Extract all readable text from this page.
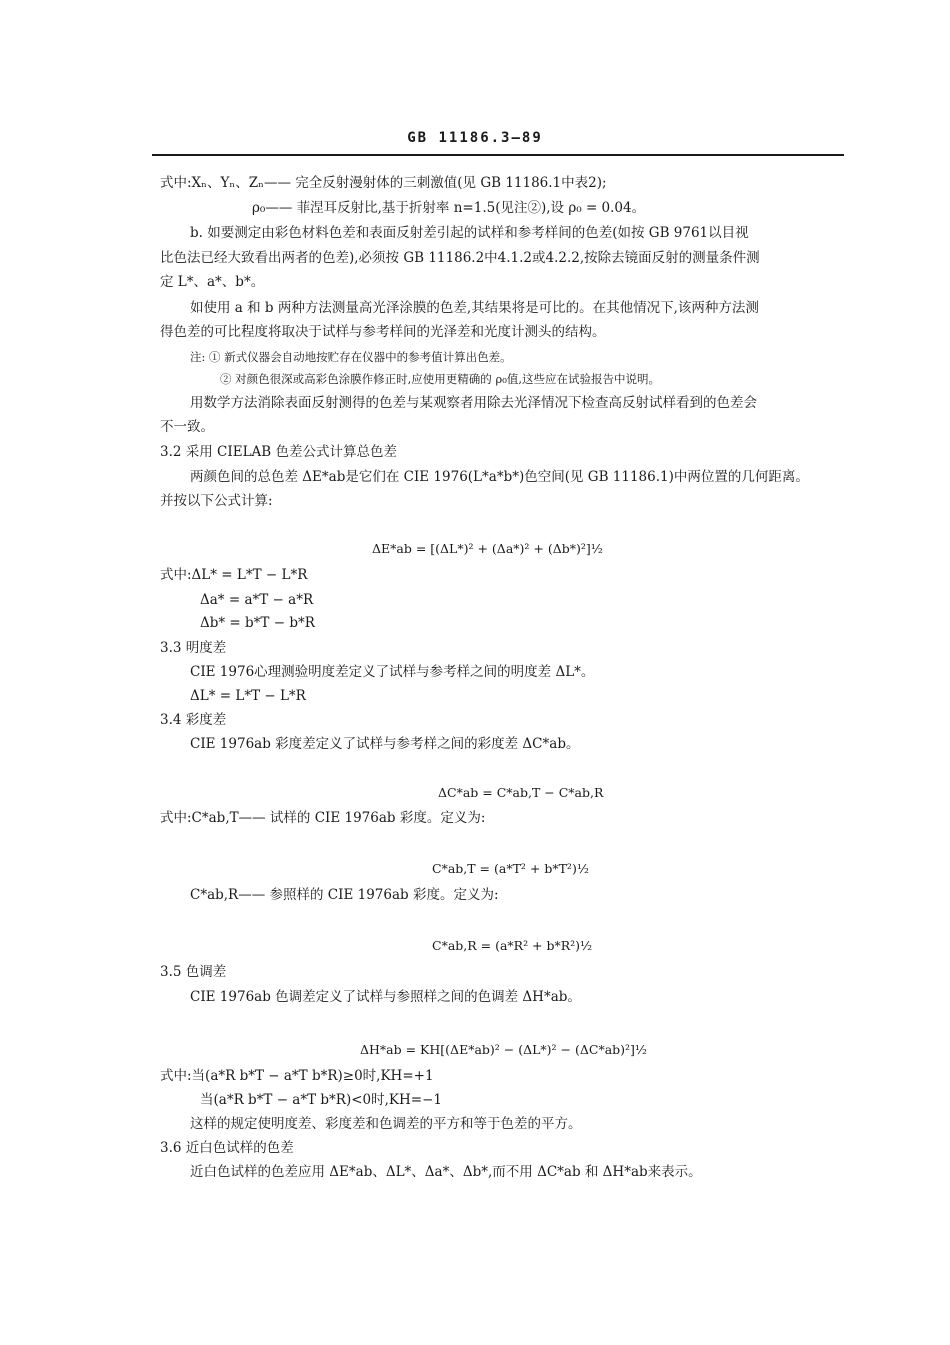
GB 11186.3—89
式中:Xₙ、Yₙ、Zₙ—— 完全反射漫射体的三刺激值(见 GB 11186.1中表2);
ρ₀—— 菲涅耳反射比,基于折射率 n=1.5(见注②),设 ρ₀ = 0.04。
b. 如要测定由彩色材料色差和表面反射差引起的试样和参考样间的色差(如按 GB 9761以目视
比色法已经大致看出两者的色差),必须按 GB 11186.2中4.1.2或4.2.2,按除去镜面反射的测量条件测
定 L*、a*、b*。
如使用 a 和 b 两种方法测量高光泽涂膜的色差,其结果将是可比的。在其他情况下,该两种方法测
得色差的可比程度将取决于试样与参考样间的光泽差和光度计测头的结构。
注: ① 新式仪器会自动地按贮存在仪器中的参考值计算出色差。
② 对颜色很深或高彩色涂膜作修正时,应使用更精确的 ρ₀值,这些应在试验报告中说明。
用数学方法消除表面反射测得的色差与某观察者用除去光泽情况下检查高反射试样看到的色差会
不一致。
3.2 采用 CIELAB 色差公式计算总色差
两颜色间的总色差 ΔE*ab是它们在 CIE 1976(L*a*b*)色空间(见 GB 11186.1)中两位置的几何距离。
并按以下公式计算:
ΔE*ab = [(ΔL*)² + (Δa*)² + (Δb*)²]½
式中:ΔL* = L*T − L*R
Δa* = a*T − a*R
Δb* = b*T − b*R
3.3 明度差
CIE 1976心理测验明度差定义了试样与参考样之间的明度差 ΔL*。
ΔL* = L*T − L*R
3.4 彩度差
CIE 1976ab 彩度差定义了试样与参考样之间的彩度差 ΔC*ab。
ΔC*ab = C*ab,T − C*ab,R
式中:C*ab,T—— 试样的 CIE 1976ab 彩度。定义为:
C*ab,T = (a*T² + b*T²)½
C*ab,R—— 参照样的 CIE 1976ab 彩度。定义为:
C*ab,R = (a*R² + b*R²)½
3.5 色调差
CIE 1976ab 色调差定义了试样与参照样之间的色调差 ΔH*ab。
ΔH*ab = KH[(ΔE*ab)² − (ΔL*)² − (ΔC*ab)²]½
式中:当(a*R b*T − a*T b*R)≥0时,KH=+1
当(a*R b*T − a*T b*R)<0时,KH=−1
这样的规定使明度差、彩度差和色调差的平方和等于色差的平方。
3.6 近白色试样的色差
近白色试样的色差应用 ΔE*ab、ΔL*、Δa*、Δb*,而不用 ΔC*ab 和 ΔH*ab来表示。
